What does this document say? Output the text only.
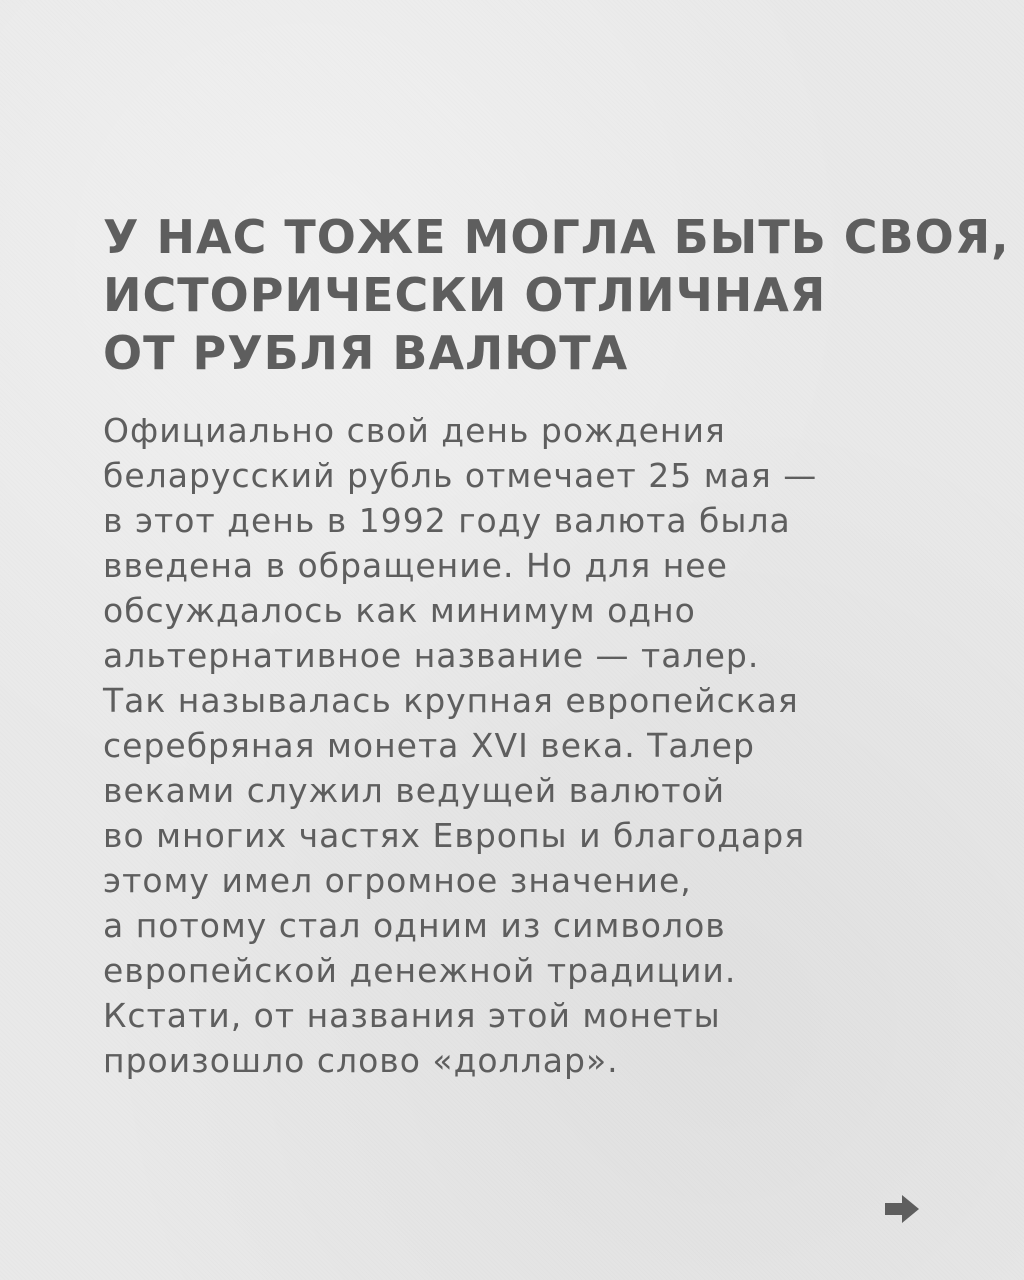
У НАС ТОЖЕ МОГЛА БЫТЬ СВОЯ,
ИСТОРИЧЕСКИ ОТЛИЧНАЯ
ОТ РУБЛЯ ВАЛЮТА
Официально свой день рождения
беларусский рубль отмечает 25 мая —
в этот день в 1992 году валюта была
введена в обращение. Но для нее
обсуждалось как минимум одно
альтернативное название — талер.
Так называлась крупная европейская
серебряная монета XVI века. Талер
веками служил ведущей валютой
во многих частях Европы и благодаря
этому имел огромное значение,
а потому стал одним из символов
европейской денежной традиции.
Кстати, от названия этой монеты
произошло слово «доллар».
